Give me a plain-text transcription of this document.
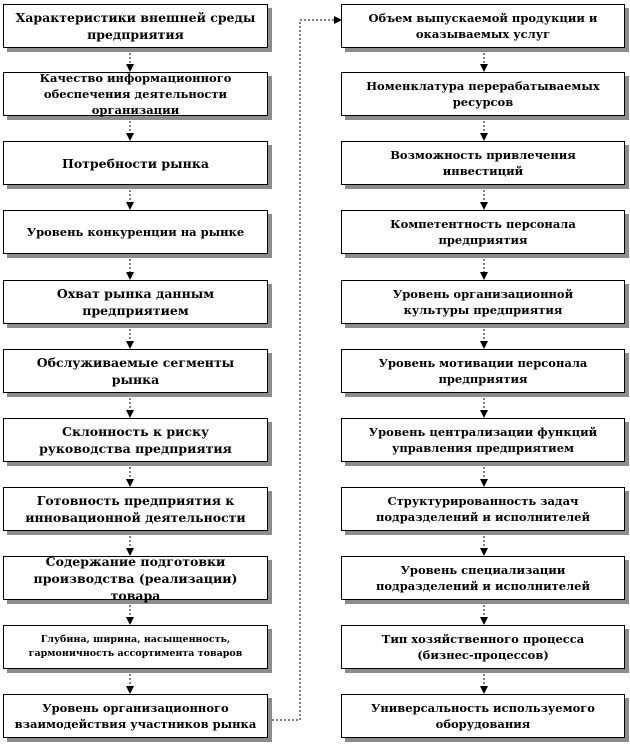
Характеристики внешней среды
предприятия
Качество информационного
обеспечения деятельности организации
Потребности рынка
Уровень конкуренции на рынке
Охват рынка данным
предприятием
Обслуживаемые сегменты
рынка
Склонность к риску
руководства предприятия
Готовность предприятия к
инновационной деятельности
Содержание подготовки
производства (реализации) товара
Глубина, ширина, насыщенность,
гармоничность ассортимента товаров
Уровень организационного
взаимодействия участников рынка
Объем выпускаемой продукции и
оказываемых услуг
Номенклатура перерабатываемых
ресурсов
Возможность привлечения
инвестиций
Компетентность персонала
предприятия
Уровень организационной
культуры предприятия
Уровень мотивации персонала
предприятия
Уровень централизации функций
управления предприятием
Структурированность задач
подразделений и исполнителей
Уровень специализации
подразделений и исполнителей
Тип хозяйственного процесса
(бизнес-процессов)
Универсальность используемого
оборудования
